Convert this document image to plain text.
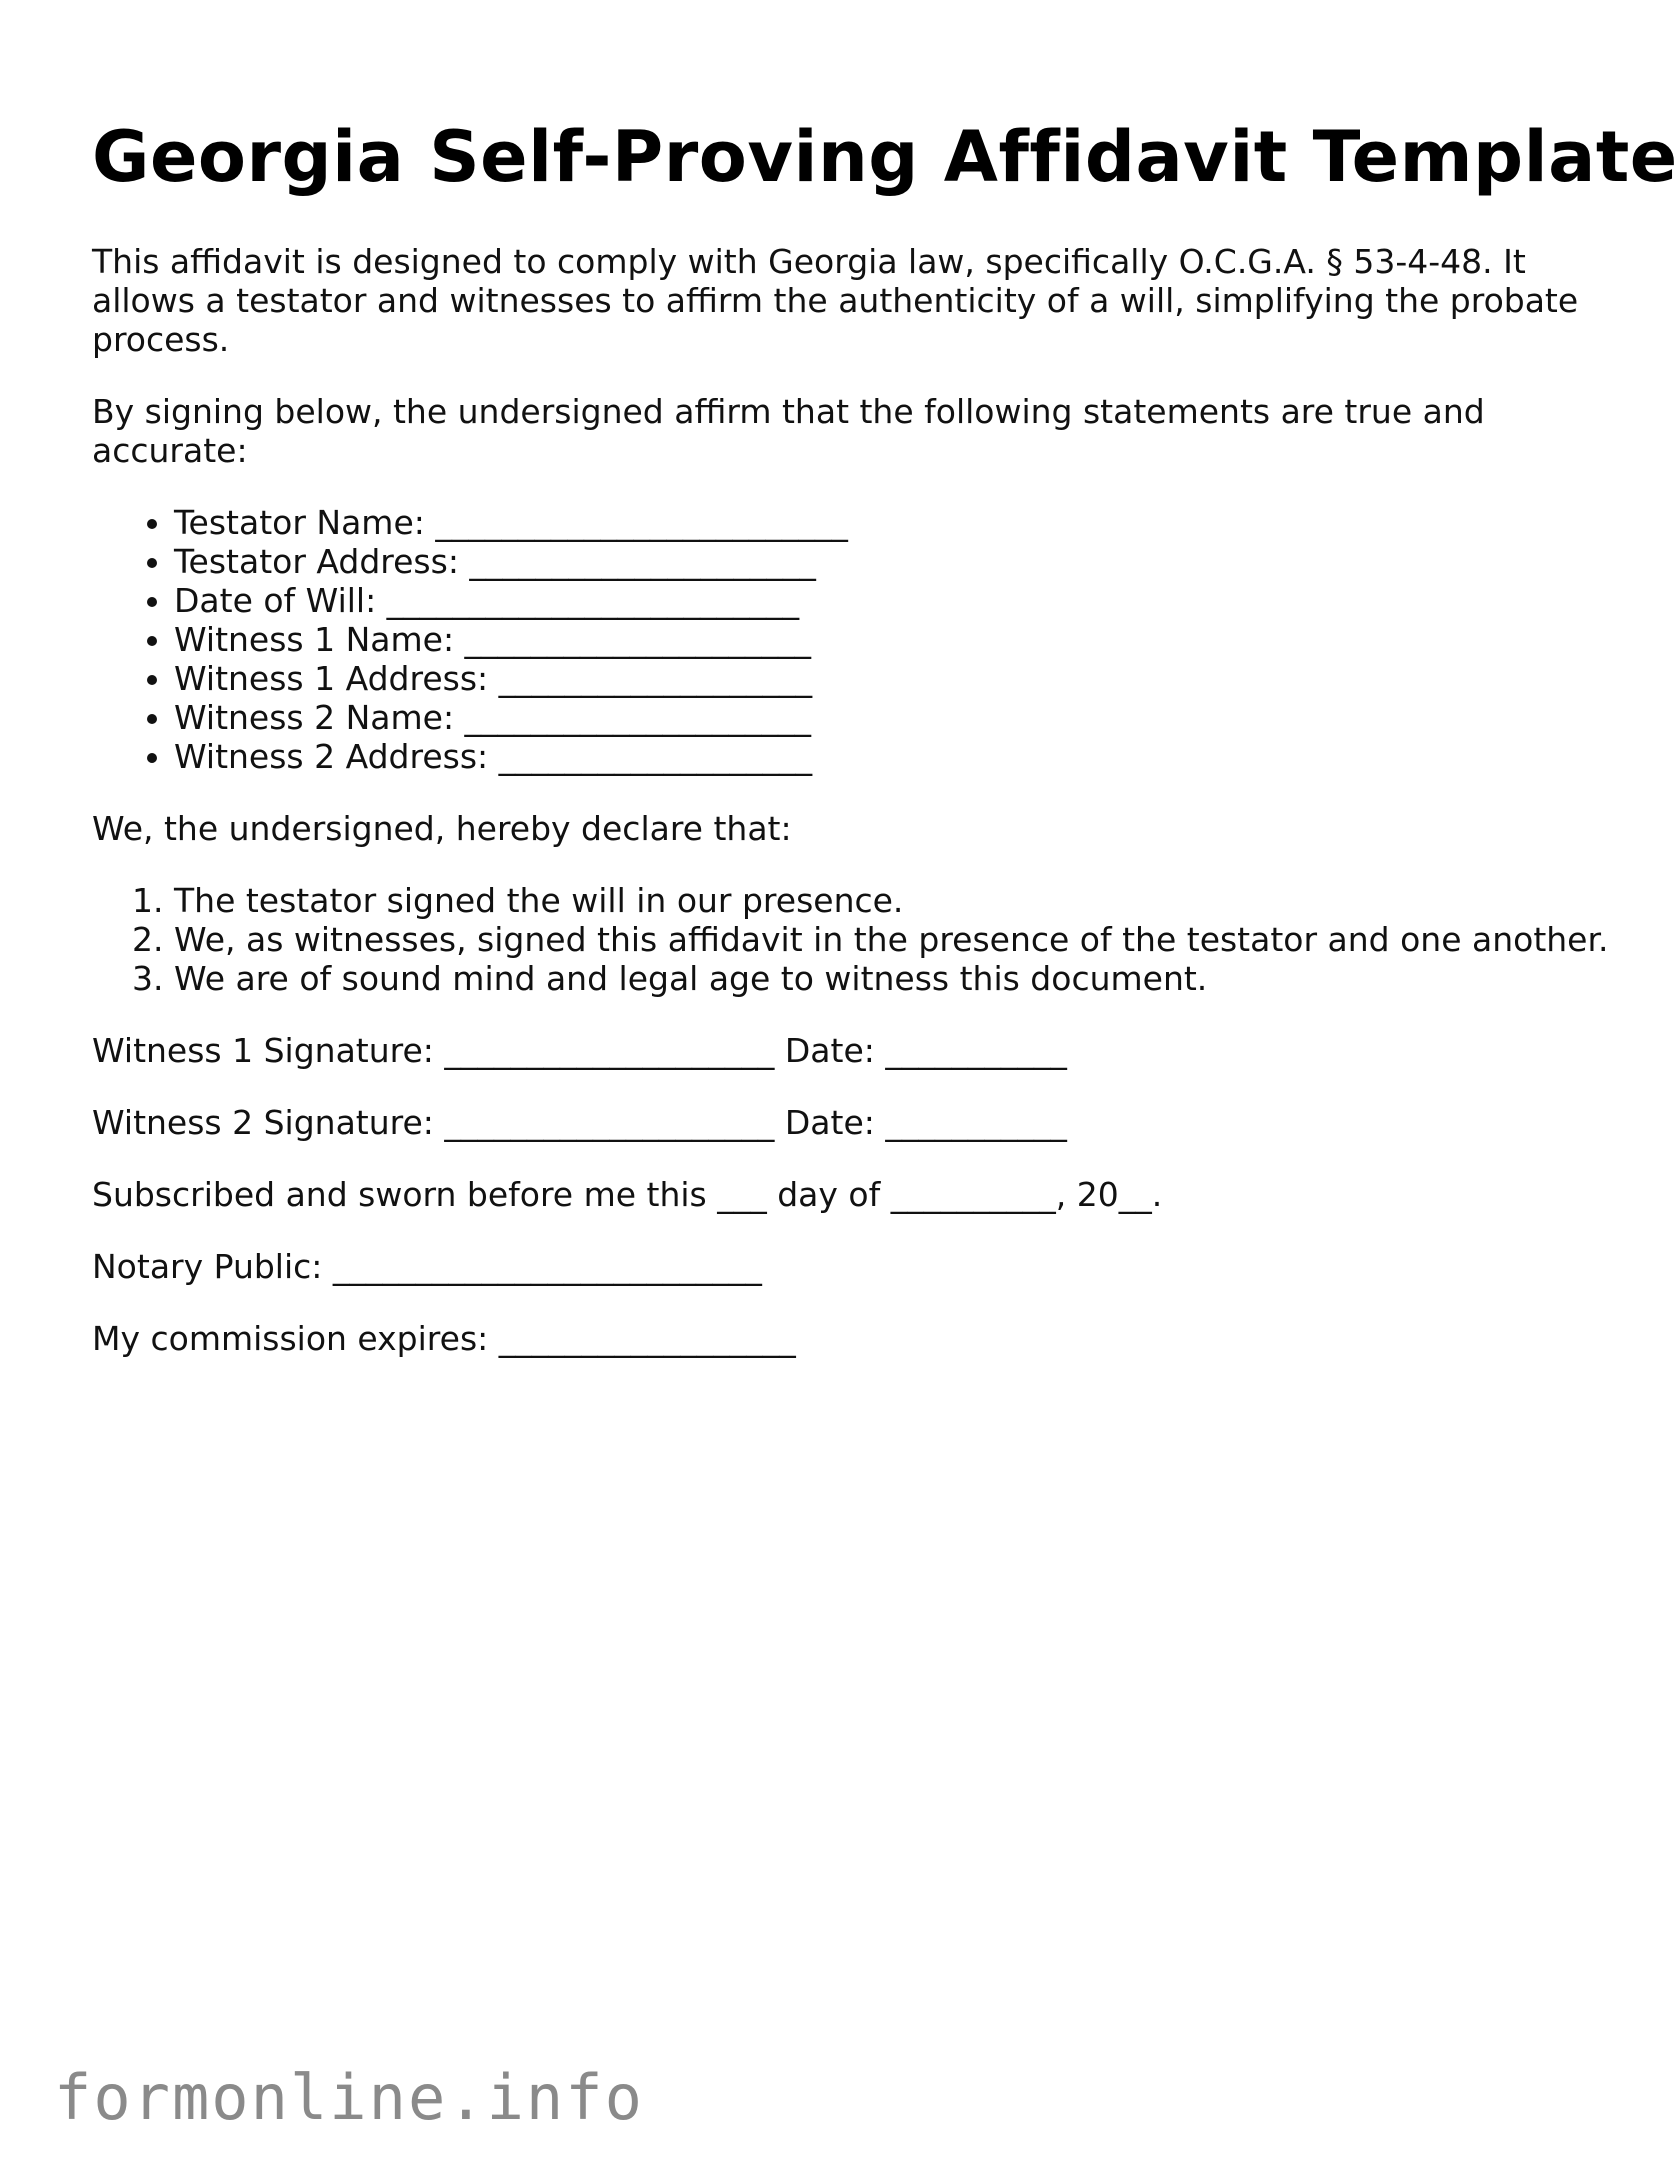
Georgia Self-Proving Affidavit Template

This affidavit is designed to comply with Georgia law, specifically O.C.G.A. § 53-4-48. It allows a testator and witnesses to affirm the authenticity of a will, simplifying the probate process.

By signing below, the undersigned affirm that the following statements are true and accurate:

• Testator Name: _________________________
• Testator Address: _____________________
• Date of Will: _________________________
• Witness 1 Name: _____________________
• Witness 1 Address: ___________________
• Witness 2 Name: _____________________
• Witness 2 Address: ___________________

We, the undersigned, hereby declare that:

1. The testator signed the will in our presence.
2. We, as witnesses, signed this affidavit in the presence of the testator and one another.
3. We are of sound mind and legal age to witness this document.

Witness 1 Signature: ____________________ Date: ___________

Witness 2 Signature: ____________________ Date: ___________

Subscribed and sworn before me this ___ day of __________, 20__.

Notary Public: __________________________

My commission expires: __________________

formonline.info
